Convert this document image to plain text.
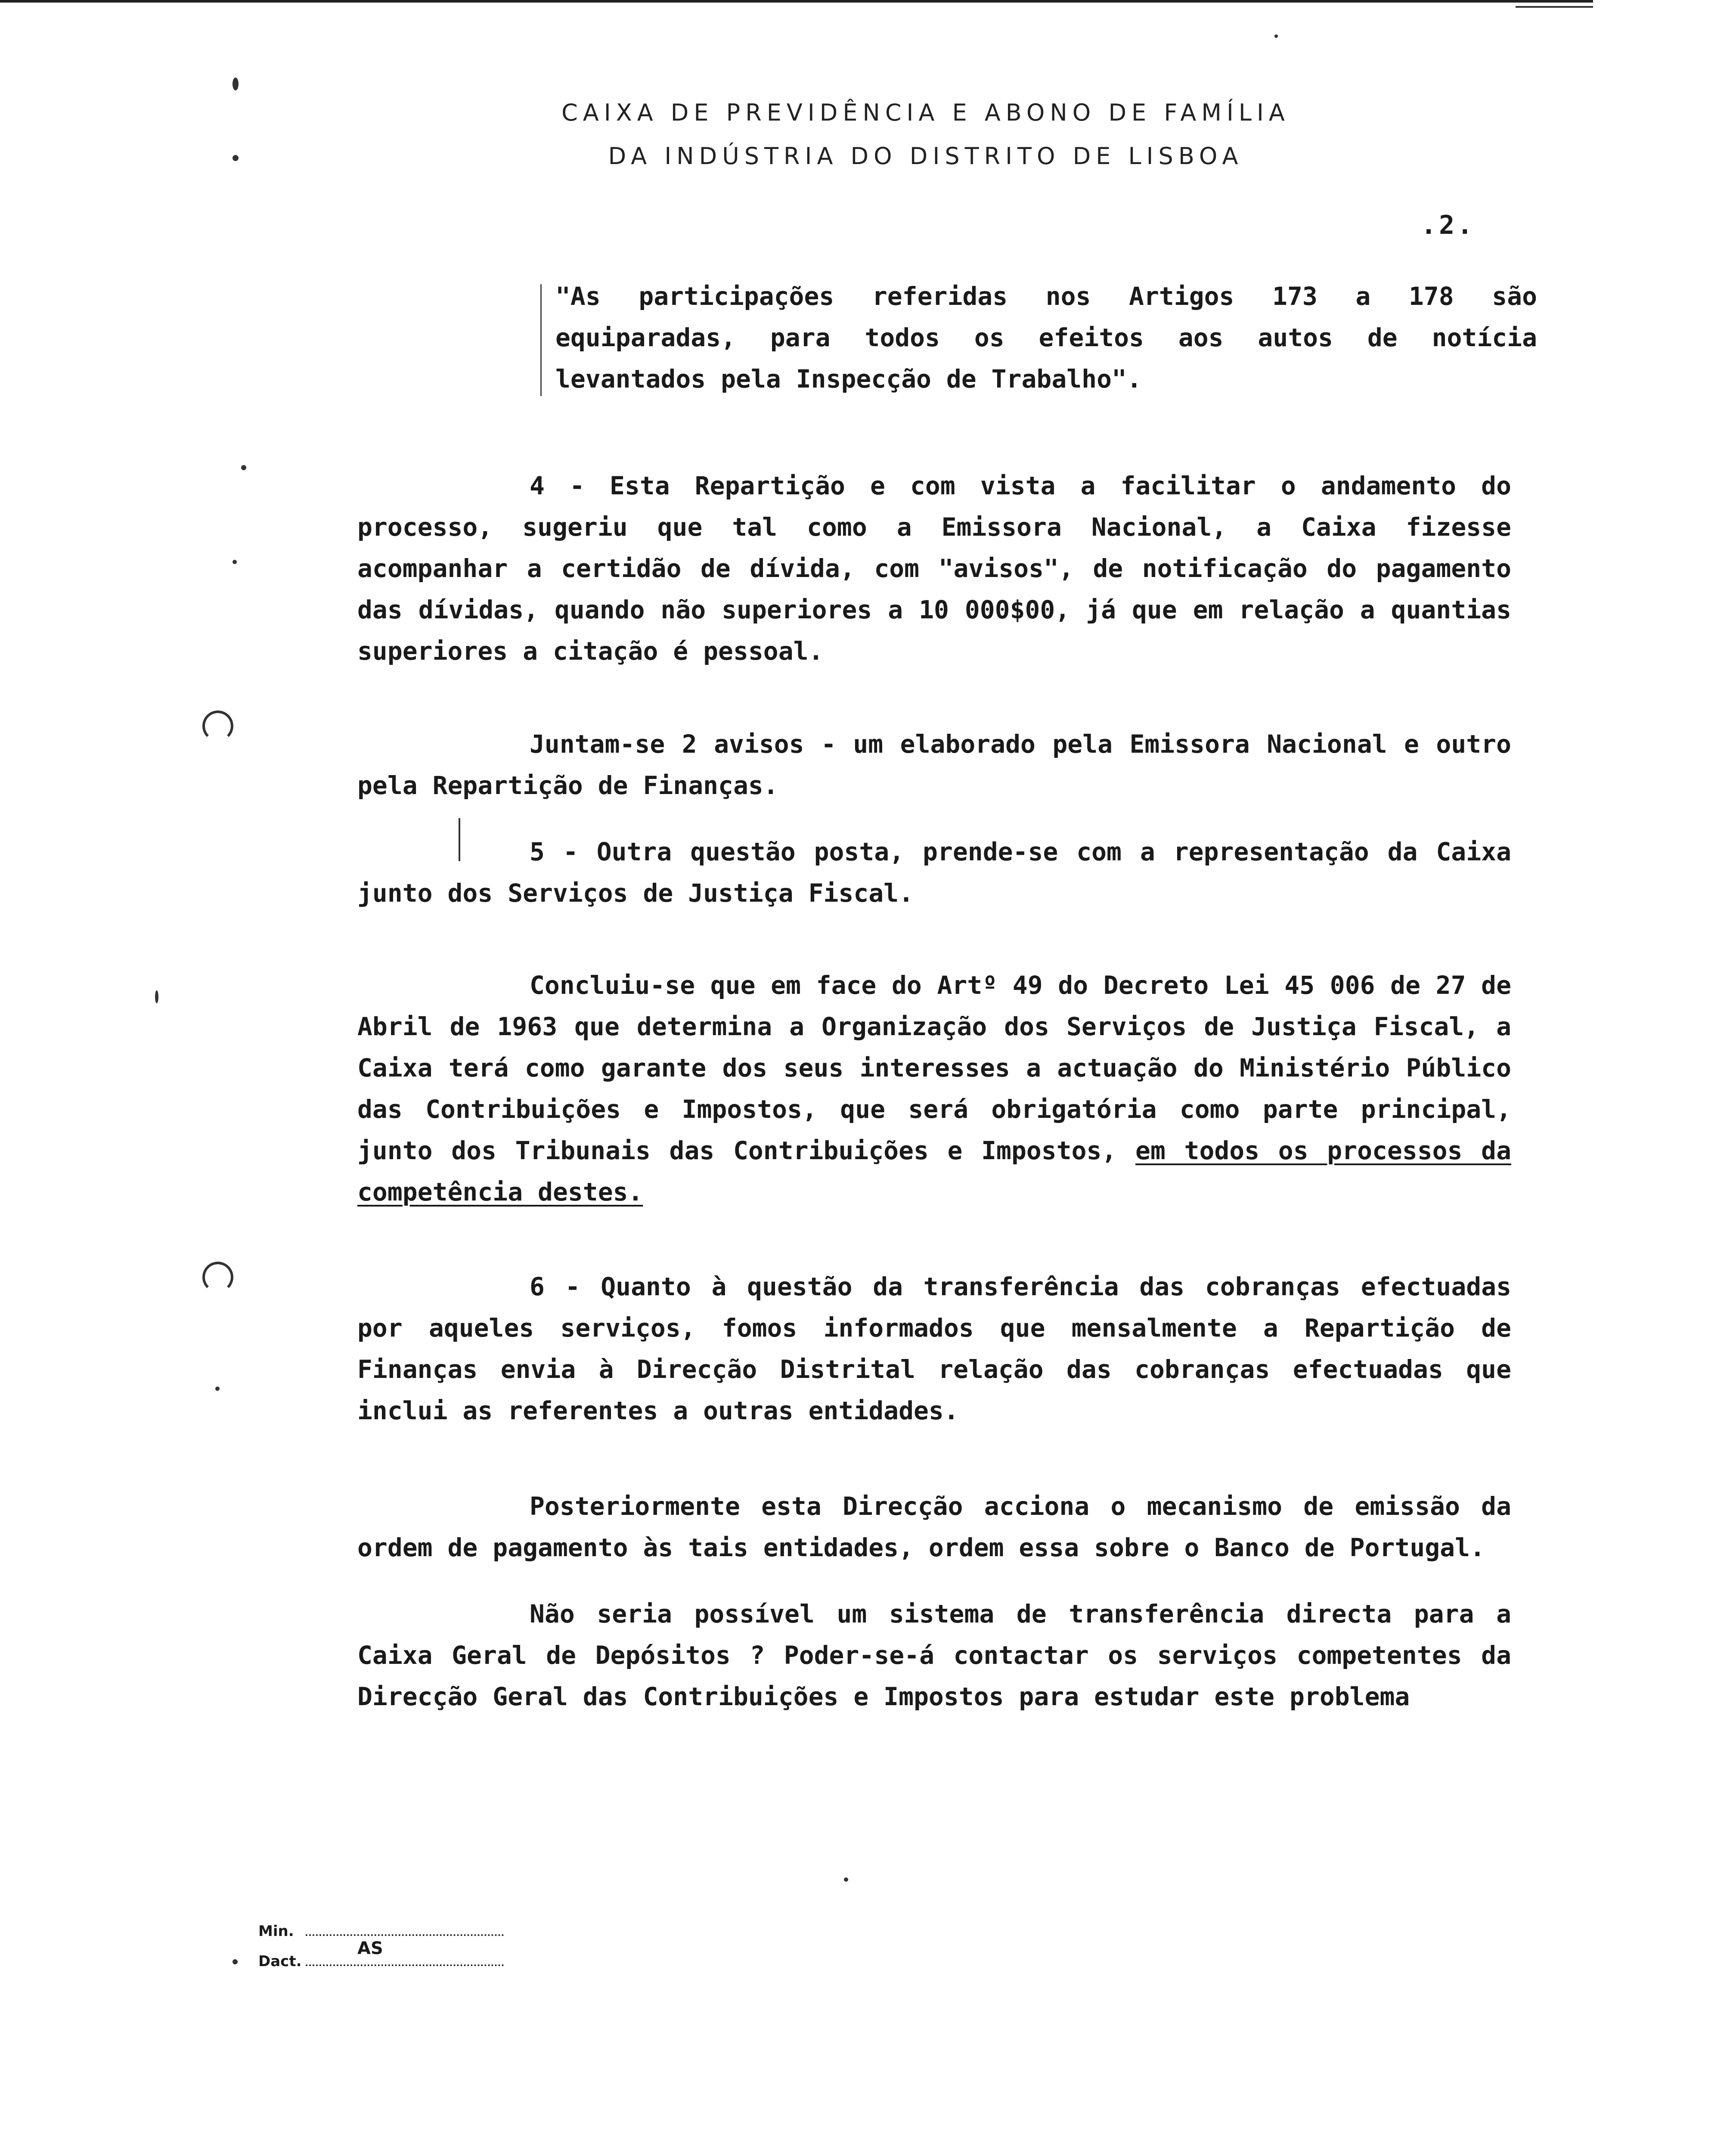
CAIXA DE PREVIDÊNCIA E ABONO DE FAMÍLIA
DA INDÚSTRIA DO DISTRITO DE LISBOA
.2.

"As participações referidas nos Artigos 173 a 178 são equiparadas, para todos os efeitos aos autos de notícia levantados pela Inspecção de Trabalho".

4 - Esta Repartição e com vista a facilitar o andamento do processo, sugeriu que tal como a Emissora Nacional, a Caixa fizesse acompanhar a certidão de dívida, com "avisos", de notificação do pagamento das dívidas, quando não superiores a 10 000$00, já que em relação a quantias superiores a citação é pessoal.

Juntam-se 2 avisos - um elaborado pela Emissora Nacional e outro pela Repartição de Finanças.

5 - Outra questão posta, prende-se com a representação da Caixa junto dos Serviços de Justiça Fiscal.

Concluiu-se que em face do Artº 49 do Decreto Lei 45 006 de 27 de Abril de 1963 que determina a Organização dos Serviços de Justiça Fiscal, a Caixa terá como garante dos seus interesses a actuação do Ministério Público das Contribuições e Impostos, que será obrigatória como parte principal, junto dos Tribunais das Contribuições e Impostos, em todos os processos da competência destes.

6 - Quanto à questão da transferência das cobranças efectuadas por aqueles serviços, fomos informados que mensalmente a Repartição de Finanças envia à Direcção Distrital relação das cobranças efectuadas que inclui as referentes a outras entidades.

Posteriormente esta Direcção acciona o mecanismo de emissão da ordem de pagamento às tais entidades, ordem essa sobre o Banco de Portugal.

Não seria possível um sistema de transferência directa para a Caixa Geral de Depósitos ? Poder-se-á contactar os serviços competentes da Direcção Geral das Contribuições e Impostos para estudar este problema

Min.
Dact.
AS
